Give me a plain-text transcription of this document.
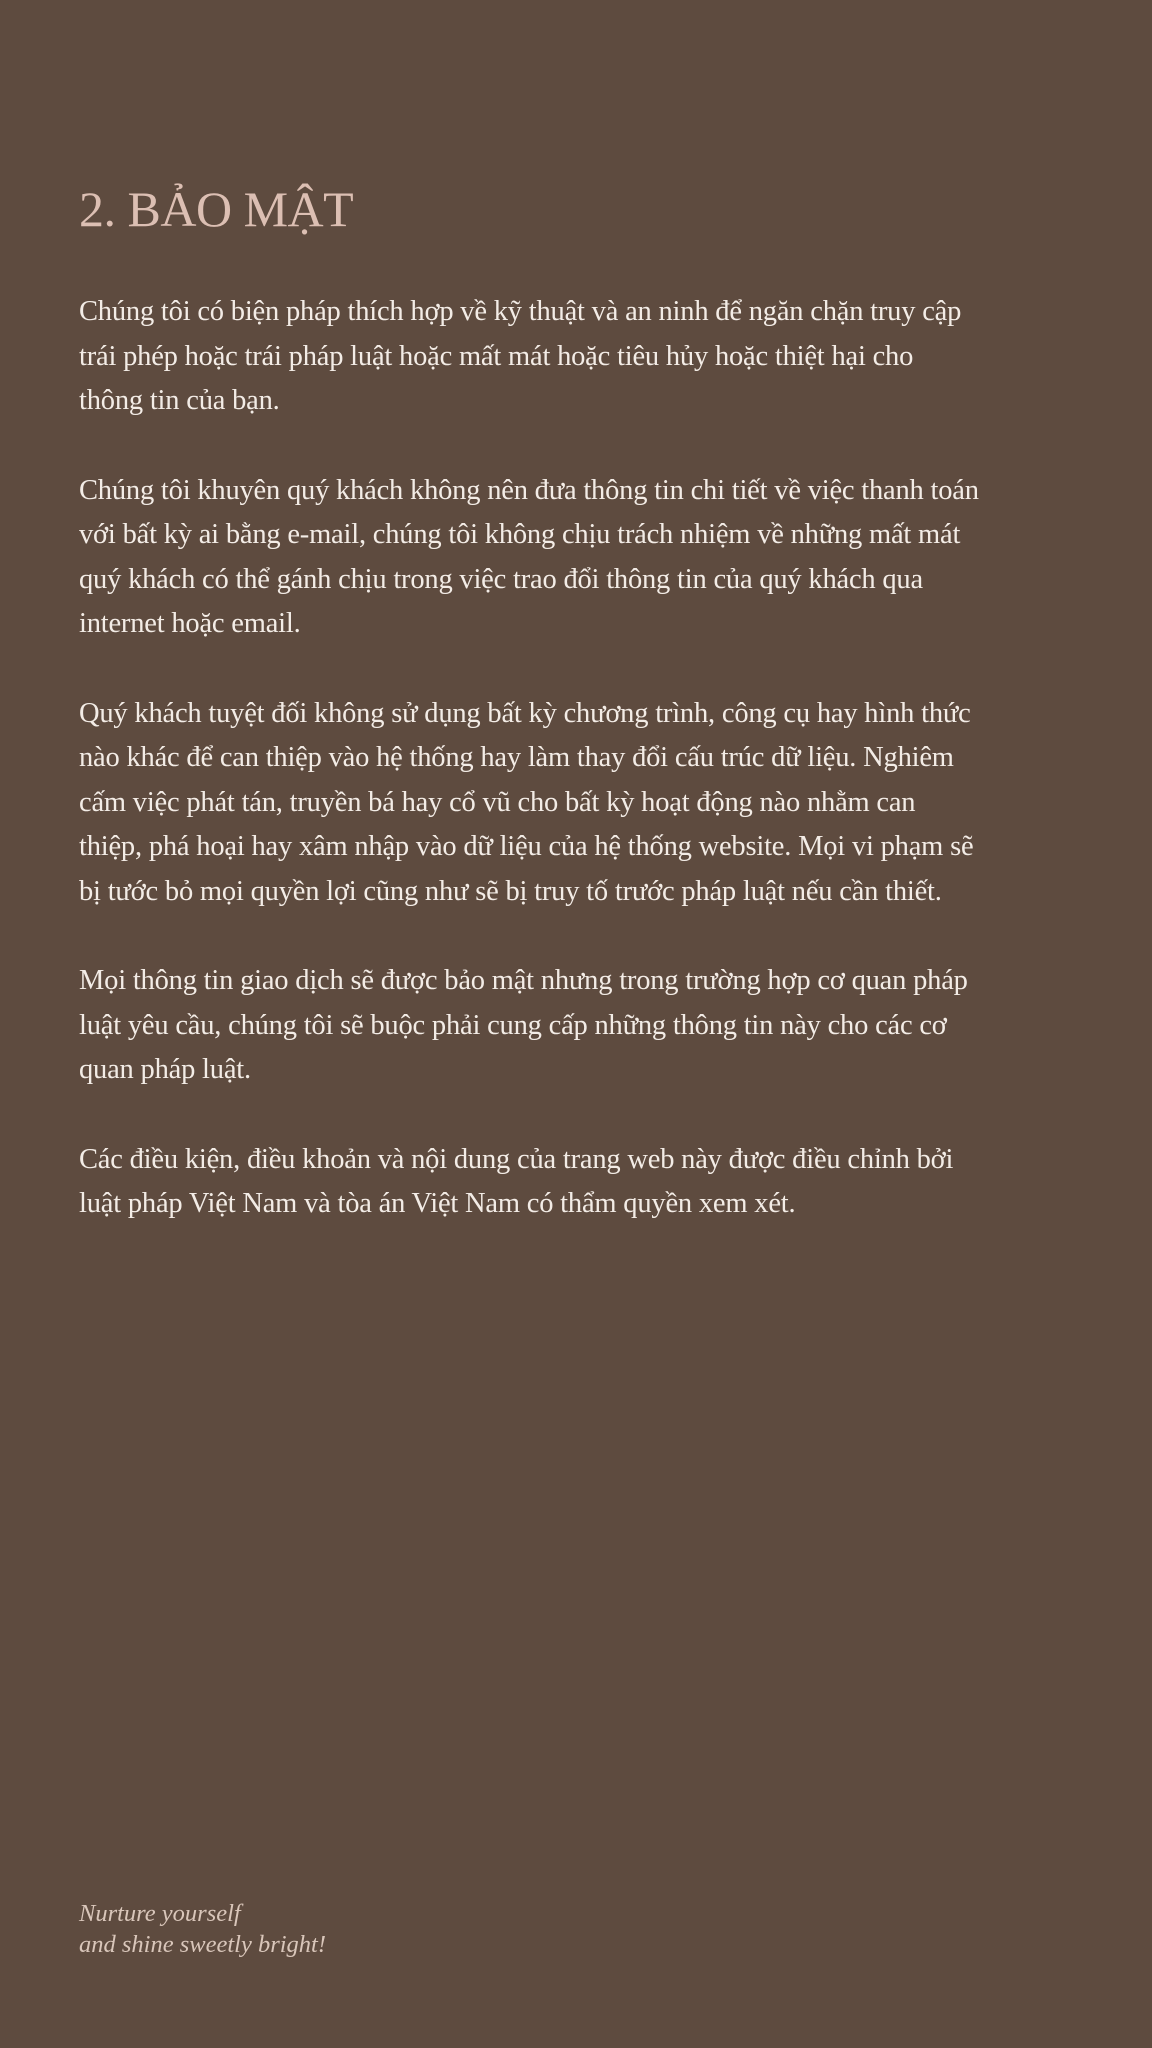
2. BẢO MẬT

Chúng tôi có biện pháp thích hợp về kỹ thuật và an ninh để ngăn chặn truy cập trái phép hoặc trái pháp luật hoặc mất mát hoặc tiêu hủy hoặc thiệt hại cho thông tin của bạn.

Chúng tôi khuyên quý khách không nên đưa thông tin chi tiết về việc thanh toán với bất kỳ ai bằng e-mail, chúng tôi không chịu trách nhiệm về những mất mát quý khách có thể gánh chịu trong việc trao đổi thông tin của quý khách qua internet hoặc email.

Quý khách tuyệt đối không sử dụng bất kỳ chương trình, công cụ hay hình thức nào khác để can thiệp vào hệ thống hay làm thay đổi cấu trúc dữ liệu. Nghiêm cấm việc phát tán, truyền bá hay cổ vũ cho bất kỳ hoạt động nào nhằm can thiệp, phá hoại hay xâm nhập vào dữ liệu của hệ thống website. Mọi vi phạm sẽ bị tước bỏ mọi quyền lợi cũng như sẽ bị truy tố trước pháp luật nếu cần thiết.

Mọi thông tin giao dịch sẽ được bảo mật nhưng trong trường hợp cơ quan pháp luật yêu cầu, chúng tôi sẽ buộc phải cung cấp những thông tin này cho các cơ quan pháp luật.

Các điều kiện, điều khoản và nội dung của trang web này được điều chỉnh bởi luật pháp Việt Nam và tòa án Việt Nam có thẩm quyền xem xét.

Nurture yourself
and shine sweetly bright!
